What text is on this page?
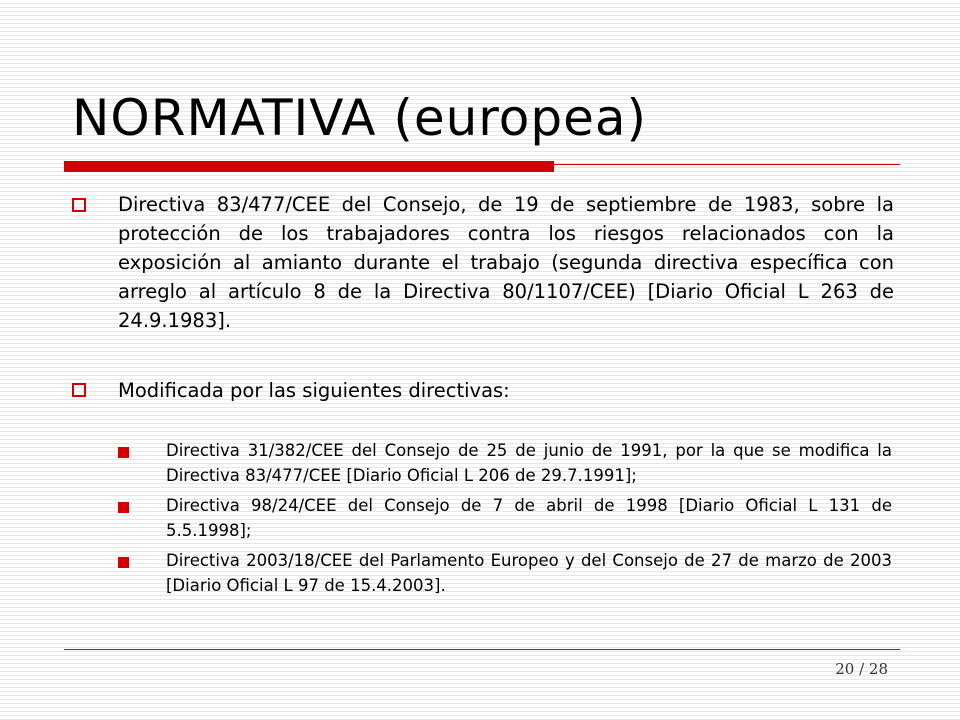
NORMATIVA (europea)
Directiva 83/477/CEE del Consejo, de 19 de septiembre de 1983, sobre la protección de los trabajadores contra los riesgos relacionados con la exposición al amianto durante el trabajo (segunda directiva específica con arreglo al artículo 8 de la Directiva 80/1107/CEE) [Diario Oficial L 263 de 24.9.1983].
Modificada por las siguientes directivas:
Directiva 31/382/CEE del Consejo de 25 de junio de 1991, por la que se modifica la Directiva 83/477/CEE [Diario Oficial L 206 de 29.7.1991];
Directiva 98/24/CEE del Consejo de 7 de abril de 1998 [Diario Oficial L 131 de 5.5.1998];
Directiva 2003/18/CEE del Parlamento Europeo y del Consejo de 27 de marzo de 2003 [Diario Oficial L 97 de 15.4.2003].
20 / 28
